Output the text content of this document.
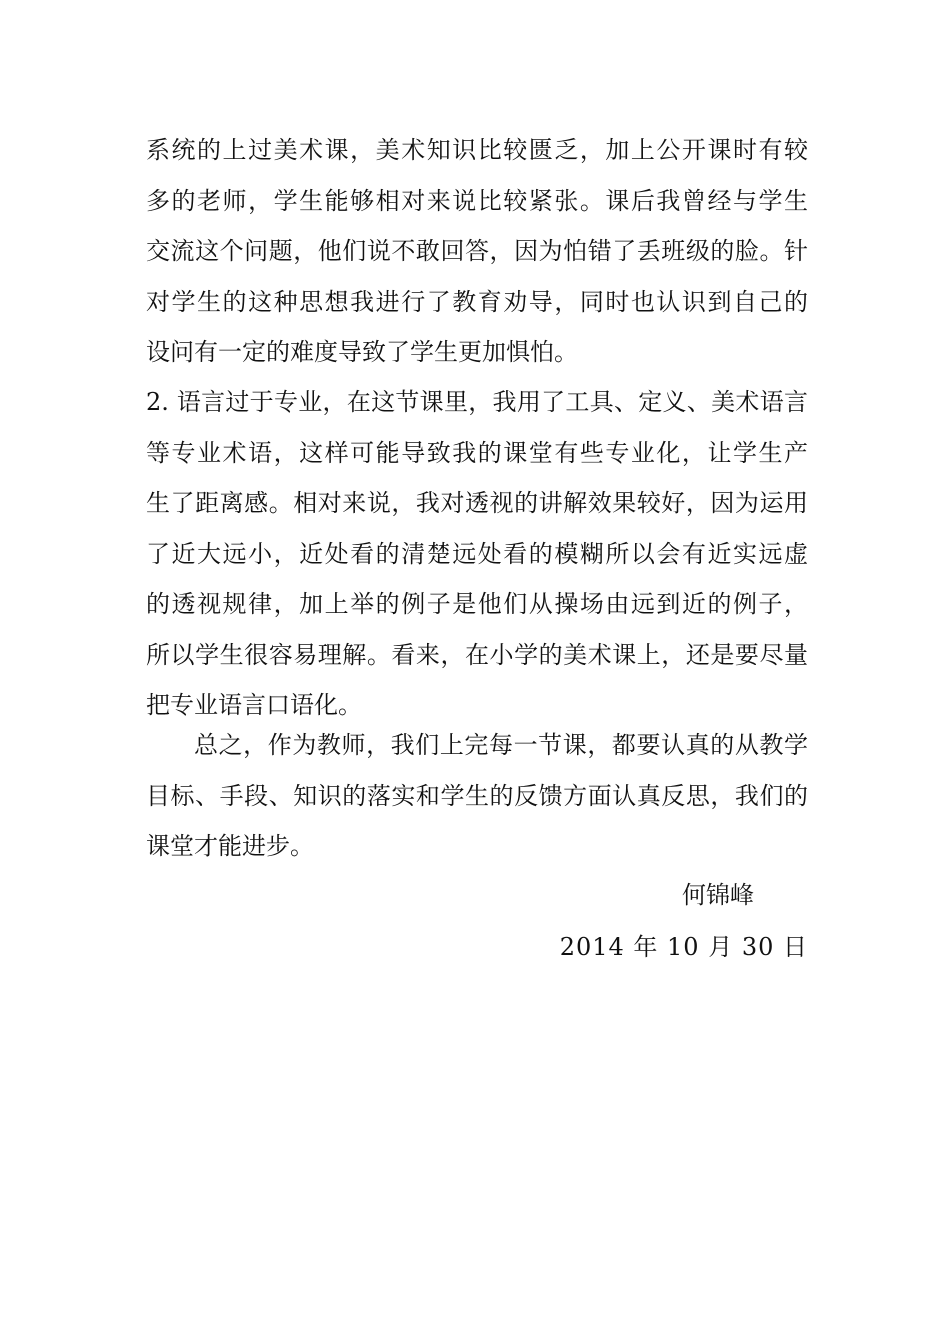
系统的上过美术课，美术知识比较匮乏，加上公开课时有较
多的老师，学生能够相对来说比较紧张。课后我曾经与学生
交流这个问题，他们说不敢回答，因为怕错了丢班级的脸。针
对学生的这种思想我进行了教育劝导，同时也认识到自己的
设问有一定的难度导致了学生更加惧怕。
2. 语言过于专业，在这节课里，我用了工具、定义、美术语言
等专业术语，这样可能导致我的课堂有些专业化，让学生产
生了距离感。相对来说，我对透视的讲解效果较好，因为运用
了近大远小，近处看的清楚远处看的模糊所以会有近实远虚
的透视规律，加上举的例子是他们从操场由远到近的例子，
所以学生很容易理解。看来，在小学的美术课上，还是要尽量
把专业语言口语化。
总之，作为教师，我们上完每一节课，都要认真的从教学
目标、手段、知识的落实和学生的反馈方面认真反思，我们的
课堂才能进步。
何锦峰
2014 年 10 月 30 日
